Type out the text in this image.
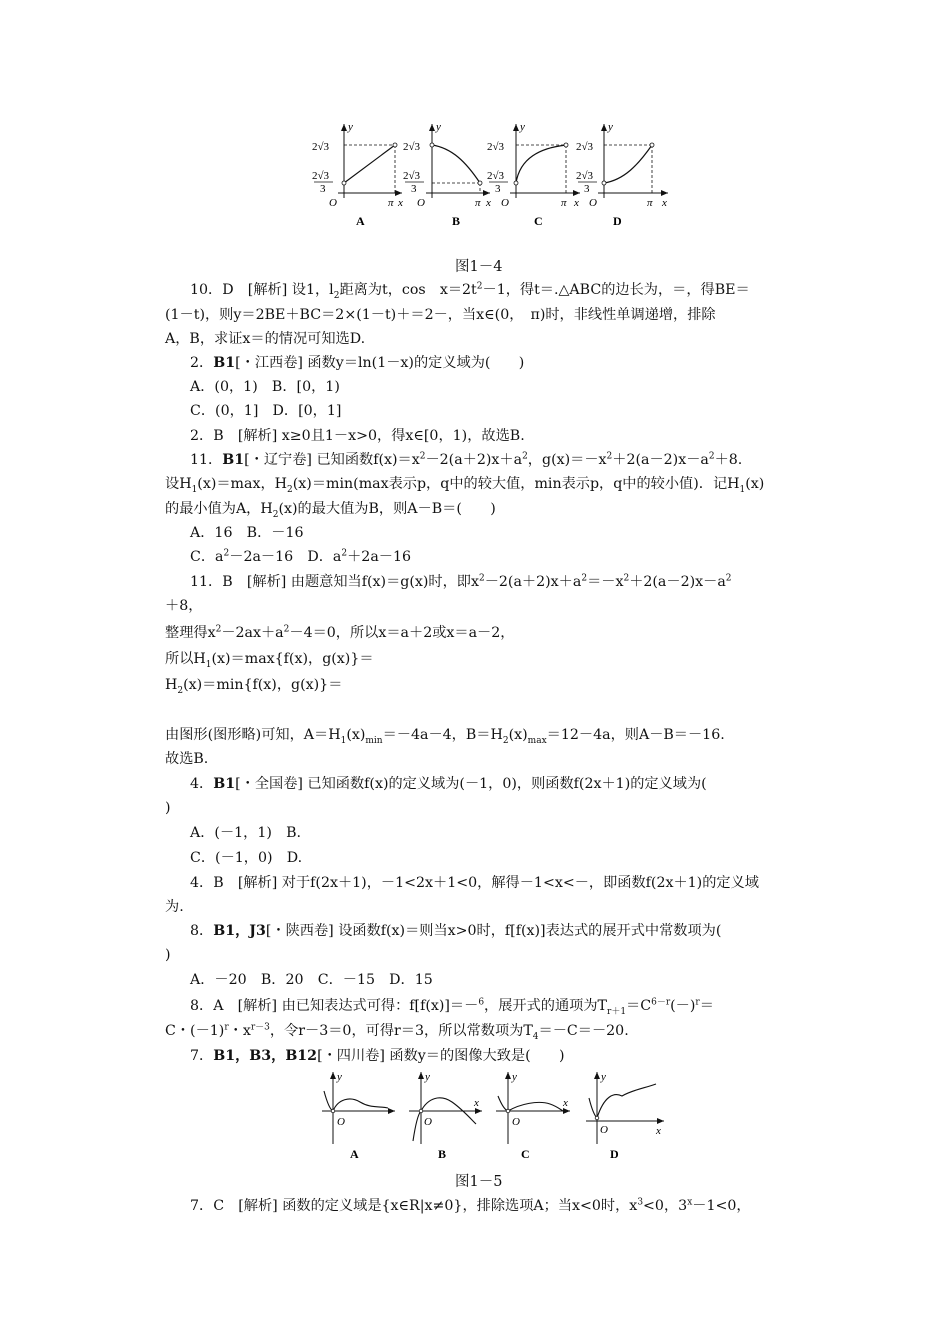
y
2√3
2√3
3
O	π x
A
y
2√3
2√3
3
O	π x
B
y
2√3
2√3
3
O	π x
C
y
2√3
2√3
3
O	π x
D
图1－4
10．D　[解析] 设1，$l_2$距离为t，cos　$x=2t^2-1$，得t＝.△ABC的边长为，＝，得BE＝
(1－t)，则y＝2BE＋BC＝2×(1－t)＋＝2－，当x∈(0，　π)时，非线性单调递增，排除
A，B，求证x＝的情况可知选D.
2．B1[・江西卷] 函数y＝ln(1－x)的定义域为(　　)
A．(0，1)　B．[0，1)
C．(0，1]　D．[0，1]
2．B　[解析] x≥0且1－x>0，得x∈[0，1)，故选B.
11．B1[・辽宁卷] 已知函数$f(x)=x^2-2(a+2)x+a^2$，$g(x)=-x^2+2(a-2)x-a^2+8$.
设$H_1(x)=\max$，$H_2(x)=\min(\max$表示p，q中的较大值，min表示p，q中的较小值)．记$H_1(x)$
的最小值为A，$H_2(x)$的最大值为B，则A－B＝(　　)
A．16　B．－16
C．$a^2-2a-16$　D．$a^2+2a-16$
11．B　[解析] 由题意知当f(x)＝g(x)时，即$x^2-2(a+2)x+a^2=-x^2+2(a-2)x-a^2$
＋8，
整理得$x^2-2ax+a^2-4=0$，所以x＝a＋2或x＝a－2，
所以$H_1(x)=\max\{f(x)$，g(x)}＝
$H_2(x)=\min\{f(x)$，g(x)}＝
由图形(图形略)可知，$A=H_1(x)_{min}=-4a-4$，$B=H_2(x)_{max}=12-4a$，则A－B＝－16.
故选B.
4．B1[・全国卷] 已知函数f(x)的定义域为(－1，0)，则函数f(2x＋1)的定义域为(
)
A．(－1，1)　B.
C．(－1，0)　D.
4．B　[解析] 对于f(2x＋1)，－1<2x＋1<0，解得－1<x<－，即函数f(2x＋1)的定义域
为.
8．B1，J3[・陕西卷] 设函数f(x)＝则当x>0时，f[f(x)]表达式的展开式中常数项为(
)
A．－20　B．20　C．－15　D．15
8．A　[解析] 由已知表达式可得：f[f(x)]＝－$^6$，展开式的通项为$T_{r+1}=C^{6-r}(-)^r=$
C・$(-1)^r$・$x^{r-3}$，令r－3＝0，可得r＝3，所以常数项为$T_4=-C=-20$.
7．B1，B3，B12[・四川卷] 函数y＝的图像大致是(　　)
y
O
A
y
O
x
B
y
O
x
C
y
O	x
D
图1－5
7．C　[解析] 函数的定义域是{x∈R|x≠0}，排除选项A；当x<0时，$x^3<0$，$3^x-1<0$，
